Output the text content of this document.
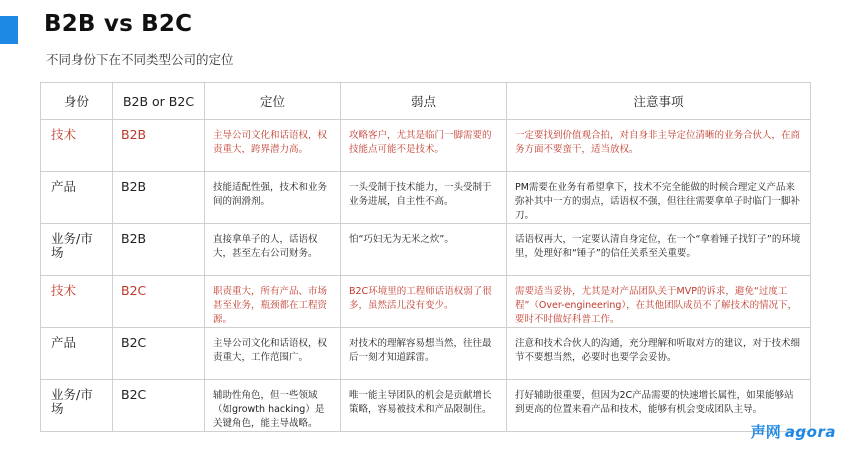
B2B vs B2C
不同身份下在不同类型公司的定位
身份	B2B or B2C	定位	弱点	注意事项
技术	B2B	主导公司文化和话语权，权责重大，跨界潜力高。	攻略客户，尤其是临门一脚需要的技能点可能不是技术。	一定要找到价值观合拍，对自身非主导定位清晰的业务合伙人，在商务方面不要蛮干，适当放权。
产品	B2B	技能适配性强，技术和业务间的润滑剂。	一头受制于技术能力，一头受制于业务进展，自主性不高。	PM需要在业务有希望拿下，技术不完全能做的时候合理定义产品来弥补其中一方的弱点，话语权不强，但往往需要拿单子时临门一脚补刀。
业务/市场	B2B	直接拿单子的人，话语权大，甚至左右公司财务。	怕“巧妇无为无米之炊”。	话语权再大，一定要认清自身定位，在一个“拿着锤子找钉子”的环境里，处理好和“锤子”的信任关系至关重要。
技术	B2C	职责重大，所有产品、市场甚至业务，瓶颈都在工程资源。	B2C环境里的工程师话语权弱了很多，虽然活儿没有变少。	需要适当妥协，尤其是对产品团队关于MVP的诉求，避免“过度工程”（Over-engineering），在其他团队成员不了解技术的情况下，要时不时做好科普工作。
产品	B2C	主导公司文化和话语权，权责重大，工作范围广。	对技术的理解容易想当然，往往最后一刻才知道踩雷。	注意和技术合伙人的沟通，充分理解和听取对方的建议，对于技术细节不要想当然，必要时也要学会妥协。
业务/市场	B2C	辅助性角色，但一些领域（如growth hacking）是关键角色，能主导战略。	唯一能主导团队的机会是贡献增长策略，容易被技术和产品限制住。	打好辅助很重要，但因为2C产品需要的快速增长属性，如果能够站到更高的位置来看产品和技术，能够有机会变成团队主导。
声网 agora
